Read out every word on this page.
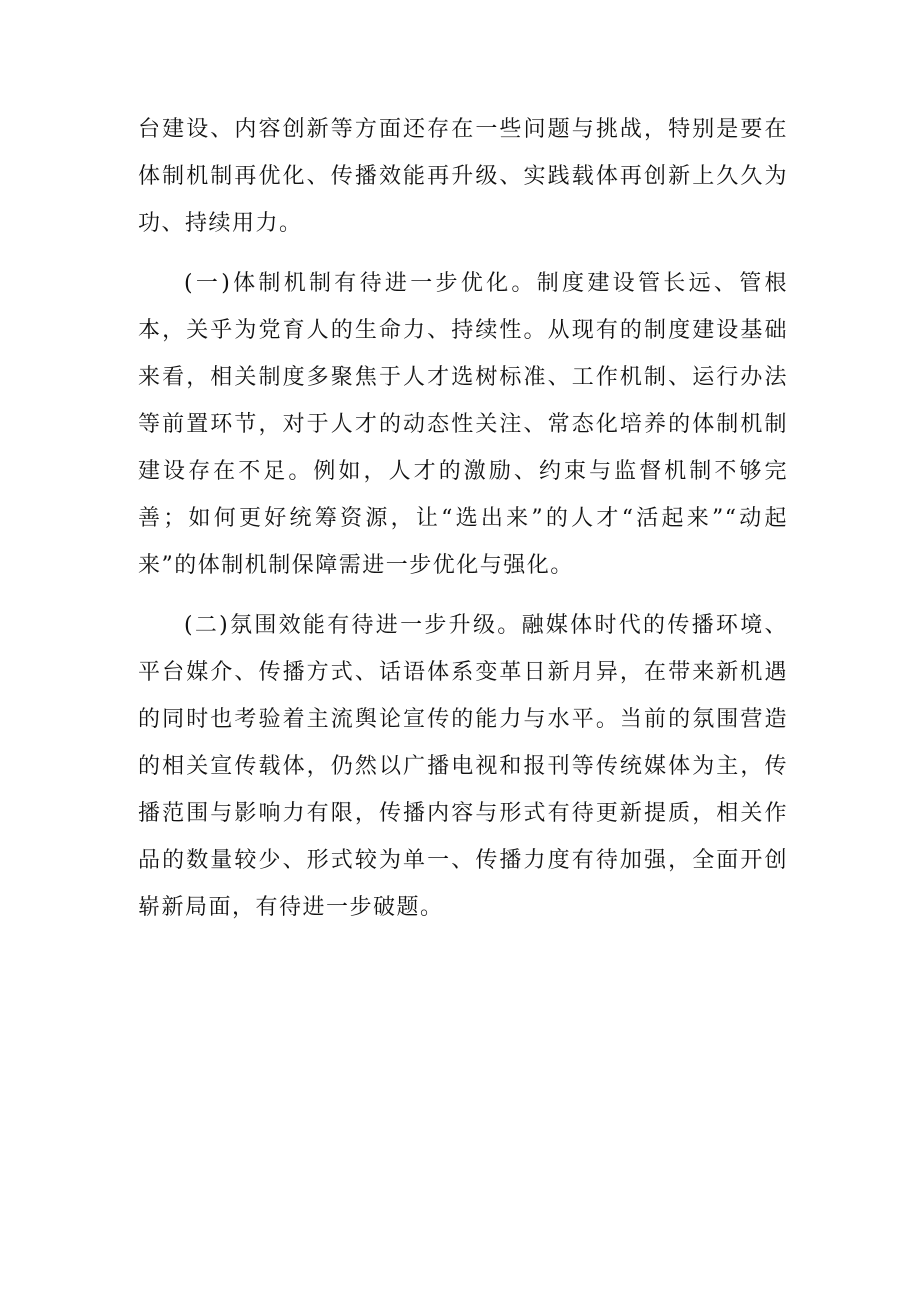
台建设、内容创新等方面还存在一些问题与挑战，特别是要在体制机制再优化、传播效能再升级、实践载体再创新上久久为功、持续用力。

(一)体制机制有待进一步优化。制度建设管长远、管根本，关乎为党育人的生命力、持续性。从现有的制度建设基础来看，相关制度多聚焦于人才选树标准、工作机制、运行办法等前置环节，对于人才的动态性关注、常态化培养的体制机制建设存在不足。例如，人才的激励、约束与监督机制不够完善；如何更好统筹资源，让“选出来”的人才“活起来”“动起来”的体制机制保障需进一步优化与强化。

(二)氛围效能有待进一步升级。融媒体时代的传播环境、平台媒介、传播方式、话语体系变革日新月异，在带来新机遇的同时也考验着主流舆论宣传的能力与水平。当前的氛围营造的相关宣传载体，仍然以广播电视和报刊等传统媒体为主，传播范围与影响力有限，传播内容与形式有待更新提质，相关作品的数量较少、形式较为单一、传播力度有待加强，全面开创崭新局面，有待进一步破题。
